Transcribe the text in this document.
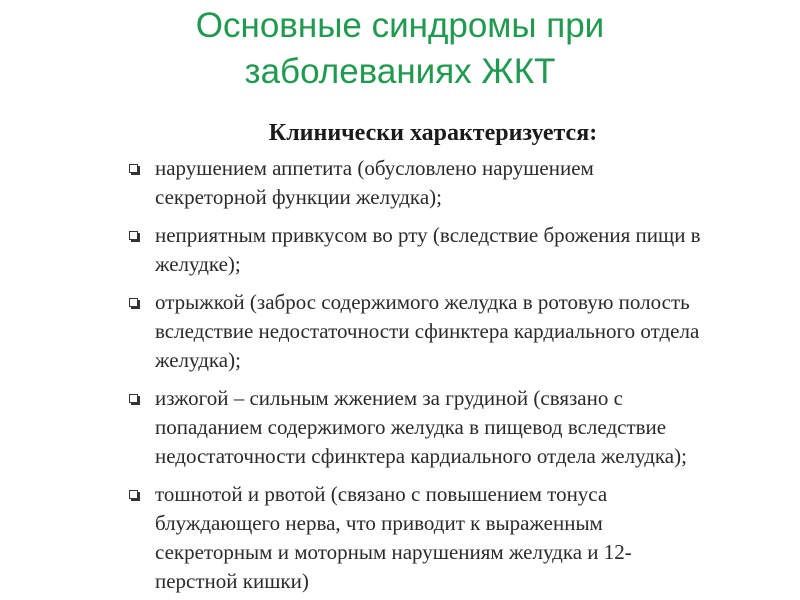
Основные синдромы при
заболеваниях ЖКТ
Клинически характеризуется:
нарушением аппетита (обусловлено нарушением
секреторной функции желудка);
неприятным привкусом во рту (вследствие брожения пищи в
желудке);
отрыжкой (заброс содержимого желудка в ротовую полость
вследствие недостаточности сфинктера кардиального отдела
желудка);
изжогой – сильным жжением за грудиной (связано с
попаданием содержимого желудка в пищевод вследствие
недостаточности сфинктера кардиального отдела желудка);
тошнотой и рвотой (связано с повышением тонуса
блуждающего нерва, что приводит к выраженным
секреторным и моторным нарушениям желудка и 12-
перстной кишки)
